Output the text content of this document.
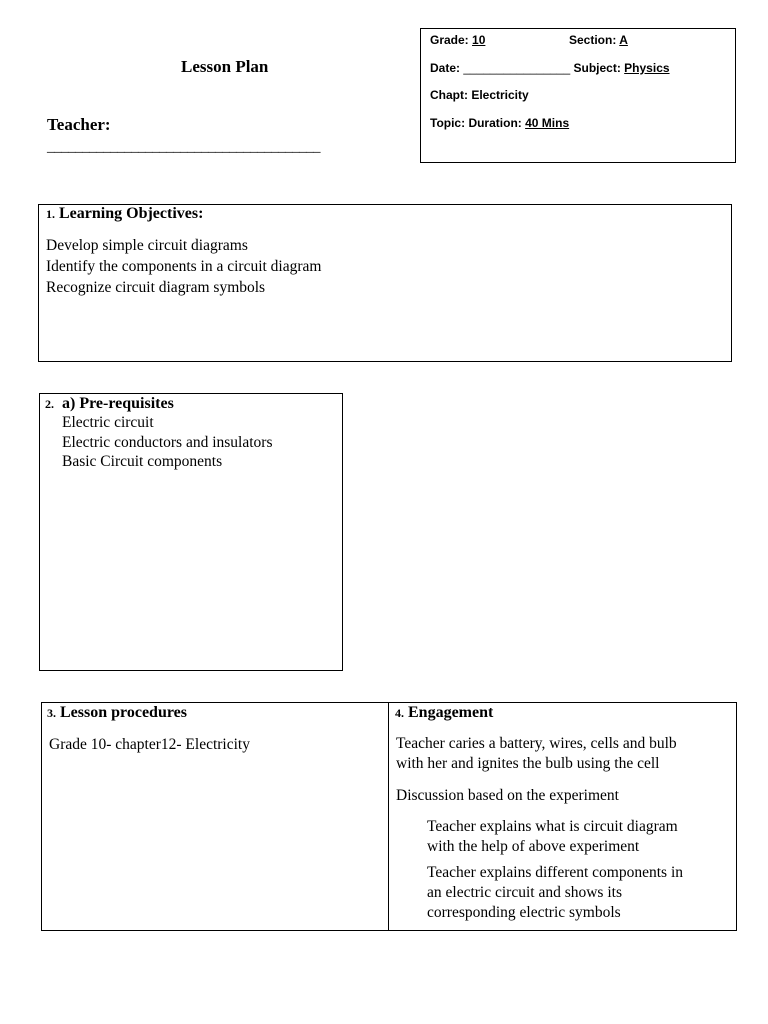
Lesson Plan
Teacher:
_______________________________________
Grade: 10	Section: A
Date: ________________ Subject: Physics
Chapt: Electricity
Topic: Duration: 40 Mins
1. Learning Objectives:
Develop simple circuit diagrams
Identify the components in a circuit diagram
Recognize circuit diagram symbols
2. a) Pre-requisites
Electric circuit
Electric conductors and insulators
Basic Circuit components
3. Lesson procedures
Grade 10- chapter12- Electricity
4. Engagement
Teacher caries a battery, wires, cells and bulb
with her and ignites the bulb using the cell
Discussion based on the experiment
Teacher explains what is circuit diagram
with the help of above experiment
Teacher explains different components in
an electric circuit and shows its
corresponding electric symbols
